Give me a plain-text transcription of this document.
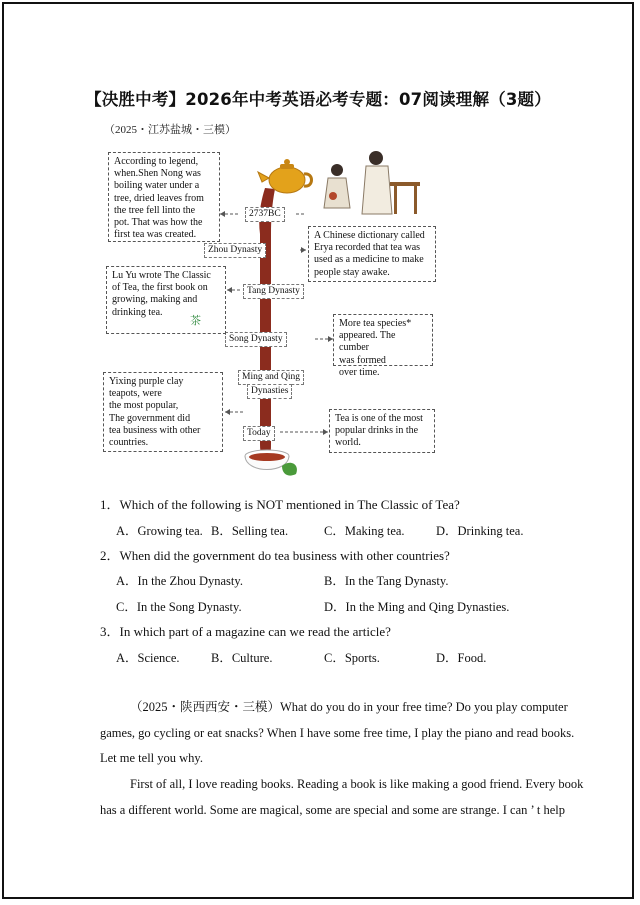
【决胜中考】2026年中考英语必考专题：07阅读理解（3题）
（2025・江苏盐城・三模）
2737BC
Zhou Dynasty
Tang Dynasty
Song Dynasty
Ming and Qing
Dynasties
Today
According to legend,
when.Shen Nong was
boiling water under a
tree, dried leaves from
the tree fell linto the
pot. That was how the
first tea was created.	A Chinese dictionary called
Erya recorded that tea was
used as a medicine to make
people stay awake.
Lu Yu wrote The Classic
of Tea, the first book on
growing, making and
drinking tea.
茶	More tea species*
appeared. The cumber
was formed
over time.
Yixing purple clay
teapots, were
the most popular,
The government did
tea business with other
countries.
Tea is one of the most
popular drinks in the
world.
1．Which of the following is NOT mentioned in The Classic of Tea?
A．Growing tea. B．Selling tea.	C．Making tea.	D．Drinking tea.
2．When did the government do tea business with other countries?
A．In the Zhou Dynasty.	B．In the Tang Dynasty.
C．In the Song Dynasty.	D．In the Ming and Qing Dynasties.
3．In which part of a magazine can we read the article?
A．Science.	B．Culture.	C．Sports.	D．Food.
（2025・陕西西安・三模）What do you do in your free time? Do you play computer
games, go cycling or eat snacks? When I have some free time, I play the piano and read books.
Let me tell you why.
First of all, I love reading books. Reading a book is like making a good friend. Every book
has a different world. Some are magical, some are special and some are strange. I can ’ t help
